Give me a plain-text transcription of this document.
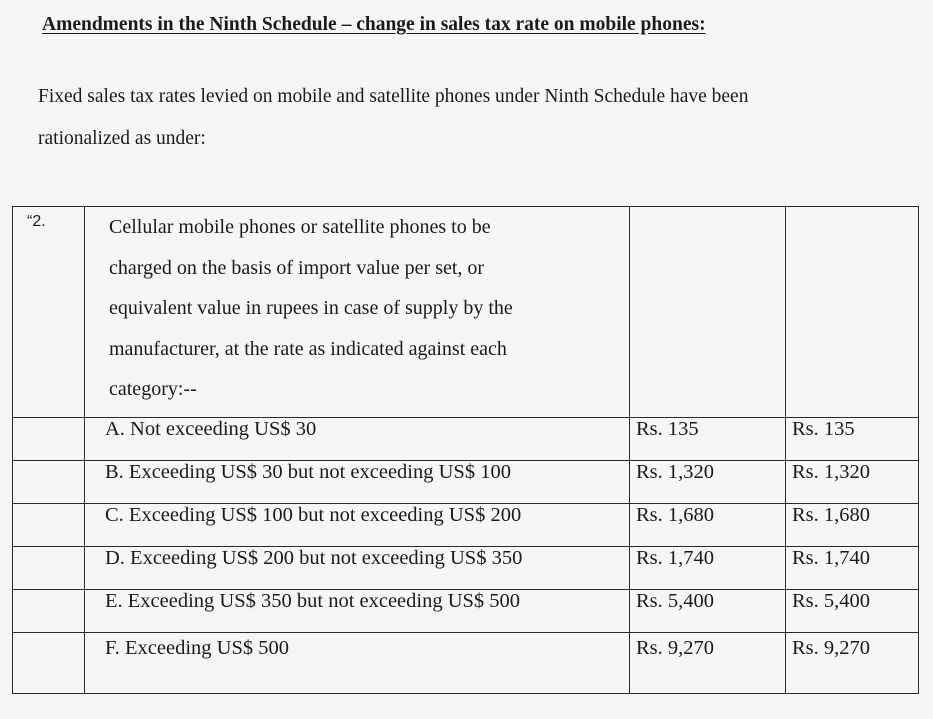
Amendments in the Ninth Schedule – change in sales tax rate on mobile phones:
Fixed sales tax rates levied on mobile and satellite phones under Ninth Schedule have been
rationalized as under:
“2.	Cellular mobile phones or satellite phones to be
charged on the basis of import value per set, or
equivalent value in rupees in case of supply by the
manufacturer, at the rate as indicated against each
category:--		

	A. Not exceeding US$ 30	Rs. 135	Rs. 135
	B. Exceeding US$ 30 but not exceeding US$ 100	Rs. 1,320	Rs. 1,320
	C. Exceeding US$ 100 but not exceeding US$ 200	Rs. 1,680	Rs. 1,680
	D. Exceeding US$ 200 but not exceeding US$ 350	Rs. 1,740	Rs. 1,740
	E. Exceeding US$ 350 but not exceeding US$ 500	Rs. 5,400	Rs. 5,400
	F. Exceeding US$ 500	Rs. 9,270	Rs. 9,270
